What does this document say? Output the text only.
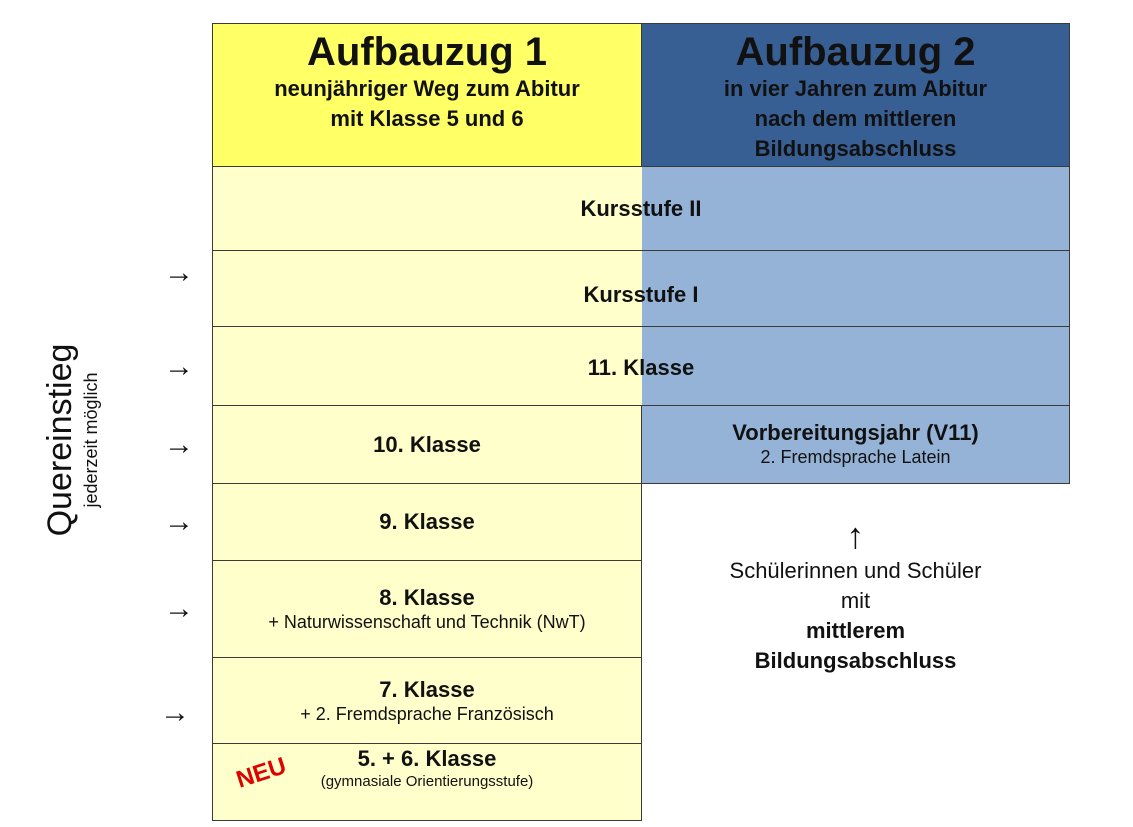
Aufbauzug 1
neunjähriger Weg zum Abitur
mit Klasse 5 und 6
Aufbauzug 2
in vier Jahren zum Abitur
nach dem mittleren
Bildungsabschluss
Kursstufe II
Kursstufe I
11. Klasse
10. Klasse	Vorbereitungsjahr (V11)
2. Fremdsprache Latein
9. Klasse
8. Klasse
+ Naturwissenschaft und Technik (NwT)
7. Klasse
+ 2. Fremdsprache Französisch
5. + 6. Klasse
(gymnasiale Orientierungsstufe)
NEU
Quereinstieg jederzeit möglich
→
→
→
→
→
→
↑
Schülerinnen und Schüler
mit
mittlerem
Bildungsabschluss
